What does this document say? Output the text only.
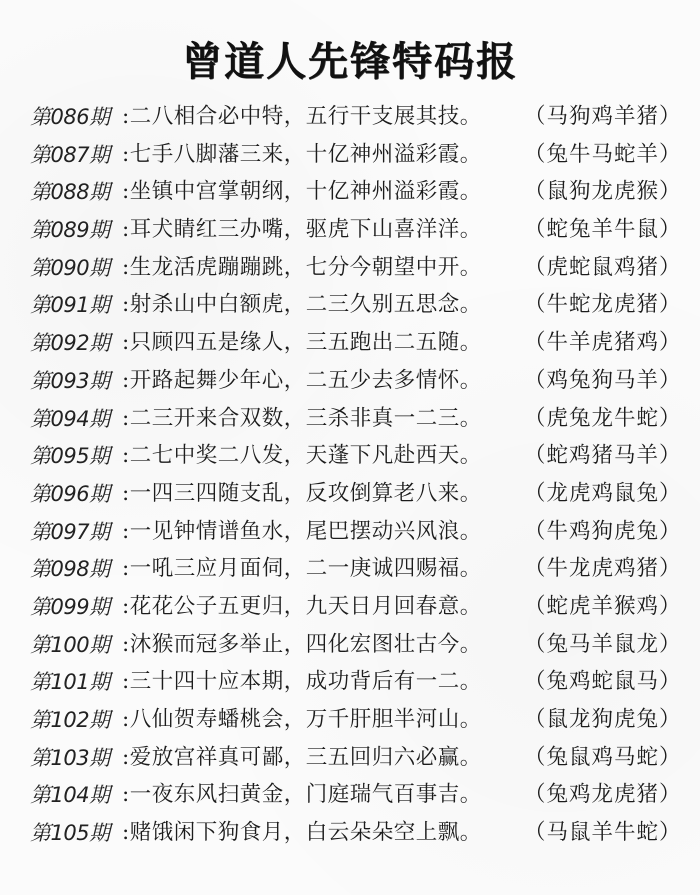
曾道人先锋特码报
第086期 :二八相合必中特，五行干支展其技。	（马狗鸡羊猪）
第087期 :七手八脚藩三来，十亿神州溢彩霞。	（兔牛马蛇羊）
第088期 :坐镇中宫掌朝纲，十亿神州溢彩霞。	（鼠狗龙虎猴）
第089期 :耳犬睛红三办嘴，驱虎下山喜洋洋。	（蛇兔羊牛鼠）
第090期 :生龙活虎蹦蹦跳，七分今朝望中开。	（虎蛇鼠鸡猪）
第091期 :射杀山中白额虎，二三久别五思念。	（牛蛇龙虎猪）
第092期 :只顾四五是缘人，三五跑出二五随。	（牛羊虎猪鸡）
第093期 :开路起舞少年心，二五少去多情怀。	（鸡兔狗马羊）
第094期 :二三开来合双数，三杀非真一二三。	（虎兔龙牛蛇）
第095期 :二七中奖二八发，天蓬下凡赴西天。	（蛇鸡猪马羊）
第096期 :一四三四随支乱，反攻倒算老八来。	（龙虎鸡鼠兔）
第097期 :一见钟情谱鱼水，尾巴摆动兴风浪。	（牛鸡狗虎兔）
第098期 :一吼三应月面伺，二一庚诚四赐福。	（牛龙虎鸡猪）
第099期 :花花公子五更归，九天日月回春意。	（蛇虎羊猴鸡）
第100期 :沐猴而冠多举止，四化宏图壮古今。	（兔马羊鼠龙）
第101期 :三十四十应本期，成功背后有一二。	（兔鸡蛇鼠马）
第102期 :八仙贺寿蟠桃会，万千肝胆半河山。	（鼠龙狗虎兔）
第103期 :爱放宫祥真可鄙，三五回归六必赢。	（兔鼠鸡马蛇）
第104期 :一夜东风扫黄金，门庭瑞气百事吉。	（兔鸡龙虎猪）
第105期 :赌饿闲下狗食月，白云朵朵空上飘。	（马鼠羊牛蛇）
